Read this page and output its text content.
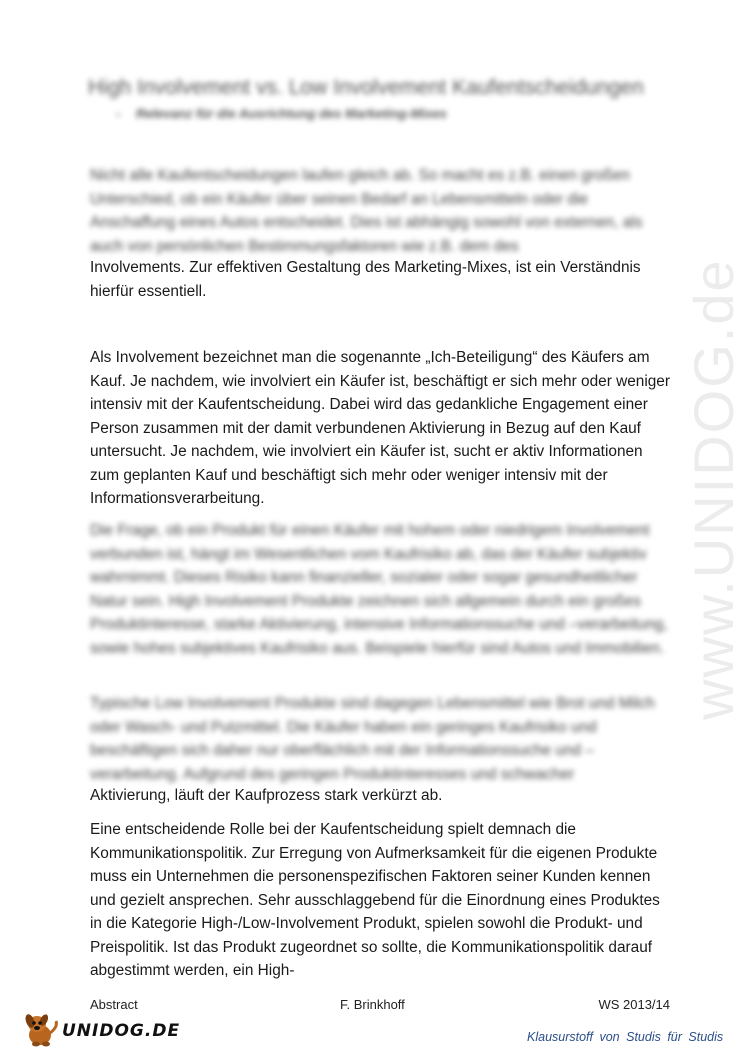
www.UNIDOG.de
High Involvement vs. Low Involvement Kaufentscheidungen
- Relevanz für die Ausrichtung des Marketing-Mixes

Nicht alle Kaufentscheidungen laufen gleich ab. So macht es z.B. einen großen Unterschied, ob ein Käufer über seinen Bedarf an Lebensmitteln oder die Anschaffung eines Autos entscheidet. Dies ist abhängig sowohl von externen, als auch von persönlichen Bestimmungsfaktoren wie z.B. dem des

Involvements. Zur effektiven Gestaltung des Marketing-Mixes, ist ein Verständnis hierfür essentiell.

Als Involvement bezeichnet man die sogenannte „Ich-Beteiligung“ des Käufers am Kauf. Je nachdem, wie involviert ein Käufer ist, beschäftigt er sich mehr oder weniger intensiv mit der Kaufentscheidung. Dabei wird das gedankliche Engagement einer Person zusammen mit der damit verbundenen Aktivierung in Bezug auf den Kauf untersucht. Je nachdem, wie involviert ein Käufer ist, sucht er aktiv Informationen zum geplanten Kauf und beschäftigt sich mehr oder weniger intensiv mit der Informationsverarbeitung.

Die Frage, ob ein Produkt für einen Käufer mit hohem oder niedrigem Involvement verbunden ist, hängt im Wesentlichen vom Kaufrisiko ab, das der Käufer subjektiv wahrnimmt. Dieses Risiko kann finanzieller, sozialer oder sogar gesundheitlicher Natur sein. High Involvement Produkte zeichnen sich allgemein durch ein großes Produktinteresse, starke Aktivierung, intensive Informationssuche und –verarbeitung, sowie hohes subjektives Kaufrisiko aus. Beispiele hierfür sind Autos und Immobilien.

Typische Low Involvement Produkte sind dagegen Lebensmittel wie Brot und Milch oder Wasch- und Putzmittel. Die Käufer haben ein geringes Kaufrisiko und beschäftigen sich daher nur oberflächlich mit der Informationssuche und –verarbeitung. Aufgrund des geringen Produktinteresses und schwacher

Aktivierung, läuft der Kaufprozess stark verkürzt ab.

Eine entscheidende Rolle bei der Kaufentscheidung spielt demnach die Kommunikationspolitik. Zur Erregung von Aufmerksamkeit für die eigenen Produkte muss ein Unternehmen die personenspezifischen Faktoren seiner Kunden kennen und gezielt ansprechen. Sehr ausschlaggebend für die Einordnung eines Produktes in die Kategorie High-/Low-Involvement Produkt, spielen sowohl die Produkt- und Preispolitik. Ist das Produkt zugeordnet so sollte, die Kommunikationspolitik darauf abgestimmt werden, ein High-

Abstract	F. Brinkhoff	WS 2013/14
UNIDOG.DE	Klausurstoff von Studis für Studis
